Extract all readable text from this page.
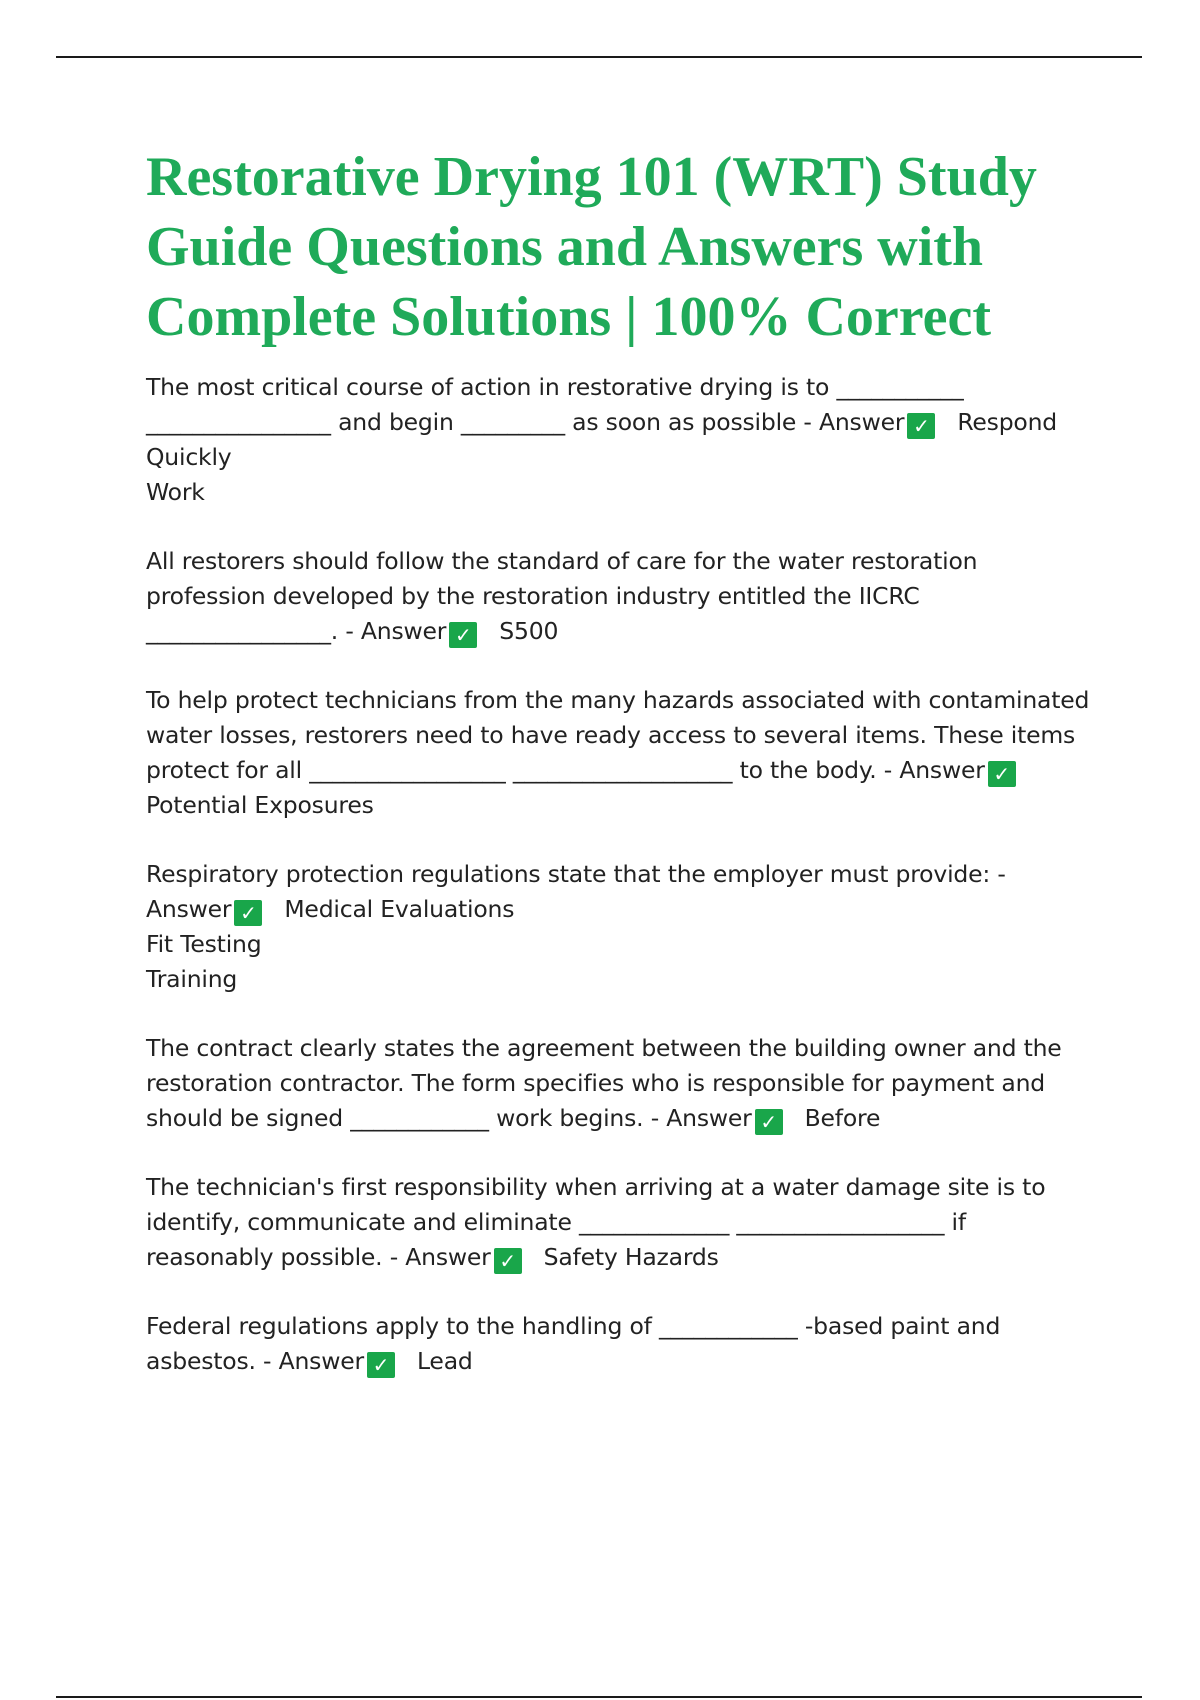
Restorative Drying 101 (WRT) Study Guide Questions and Answers with Complete Solutions | 100% Correct
The most critical course of action in restorative drying is to ___________ ________________ and begin _________ as soon as possible - Answer ✓ Respond
Quickly
Work
All restorers should follow the standard of care for the water restoration profession developed by the restoration industry entitled the IICRC ________________. - Answer ✓ S500
To help protect technicians from the many hazards associated with contaminated water losses, restorers need to have ready access to several items. These items protect for all _________________ ___________________ to the body. - Answer ✓
Potential Exposures
Respiratory protection regulations state that the employer must provide: - Answer ✓ Medical Evaluations
Fit Testing
Training
The contract clearly states the agreement between the building owner and the restoration contractor. The form specifies who is responsible for payment and should be signed ____________ work begins. - Answer ✓ Before
The technician's first responsibility when arriving at a water damage site is to identify, communicate and eliminate _____________ __________________ if reasonably possible. - Answer ✓ Safety Hazards
Federal regulations apply to the handling of ____________ -based paint and asbestos. - Answer ✓ Lead
